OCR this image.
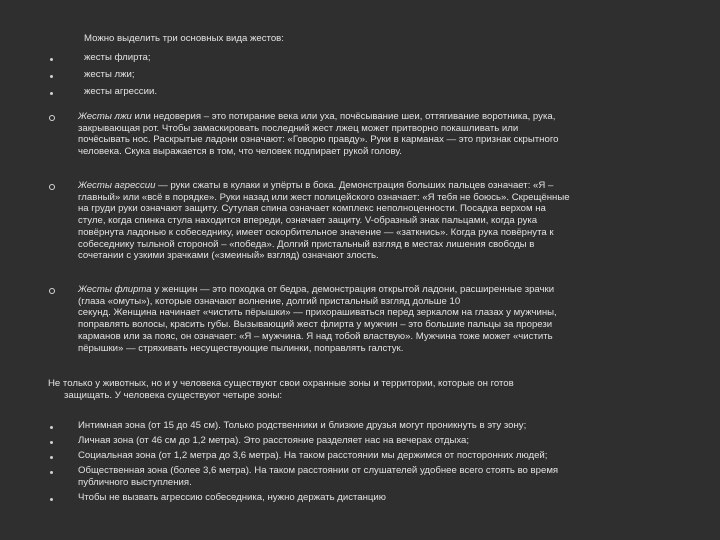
Можно выделить три основных вида жестов:
жесты флирта;
жесты лжи;
жесты агрессии.
Жесты лжи или недоверия – это потирание века или уха, почёсывание шеи, оттягивание воротника, рука,
закрывающая рот. Чтобы замаскировать последний жест лжец может притворно покашливать или
почёсывать нос. Раскрытые ладони означают: «Говорю правду». Руки в карманах — это признак скрытного
человека. Скука выражается в том, что человек подпирает рукой голову.
Жесты агрессии — руки сжаты в кулаки и упёрты в бока. Демонстрация больших пальцев означает: «Я –
главный» или «всё в порядке». Руки назад или жест полицейского означает: «Я тебя не боюсь». Скрещённые
на груди руки означают защиту. Сутулая спина означает комплекс неполноценности. Посадка верхом на
стуле, когда спинка стула находится впереди, означает защиту. V-образный знак пальцами, когда рука
повёрнута ладонью к собеседнику, имеет оскорбительное значение — «заткнись». Когда рука повёрнута к
собеседнику тыльной стороной – «победа». Долгий пристальный взгляд в местах лишения свободы в
сочетании с узкими зрачками («змеиный» взгляд) означают злость.
Жесты флирта у женщин — это походка от бедра, демонстрация открытой ладони, расширенные зрачки
(глаза «омуты»), которые означают волнение, долгий пристальный взгляд дольше 10
секунд. Женщина начинает «чистить пёрышки» — прихорашиваться перед зеркалом на глазах у мужчины,
поправлять волосы, красить губы. Вызывающий жест флирта у мужчин – это большие пальцы за прорези
карманов или за пояс, он означает: «Я – мужчина. Я над тобой властвую». Мужчина тоже может «чистить
пёрышки» — стряхивать несуществующие пылинки, поправлять галстук.
Не только у животных, но и у человека существуют свои охранные зоны и территории, которые он готов
защищать. У человека существуют четыре зоны:
Интимная зона (от 15 до 45 см). Только родственники и близкие друзья могут проникнуть в эту зону;
Личная зона (от 46 см до 1,2 метра). Это расстояние разделяет нас на вечерах отдыха;
Социальная зона (от 1,2 метра до 3,6 метра). На таком расстоянии мы держимся от посторонних людей;
Общественная зона (более 3,6 метра). На таком расстоянии от слушателей удобнее всего стоять во время
публичного выступления.
Чтобы не вызвать агрессию собеседника, нужно держать дистанцию
